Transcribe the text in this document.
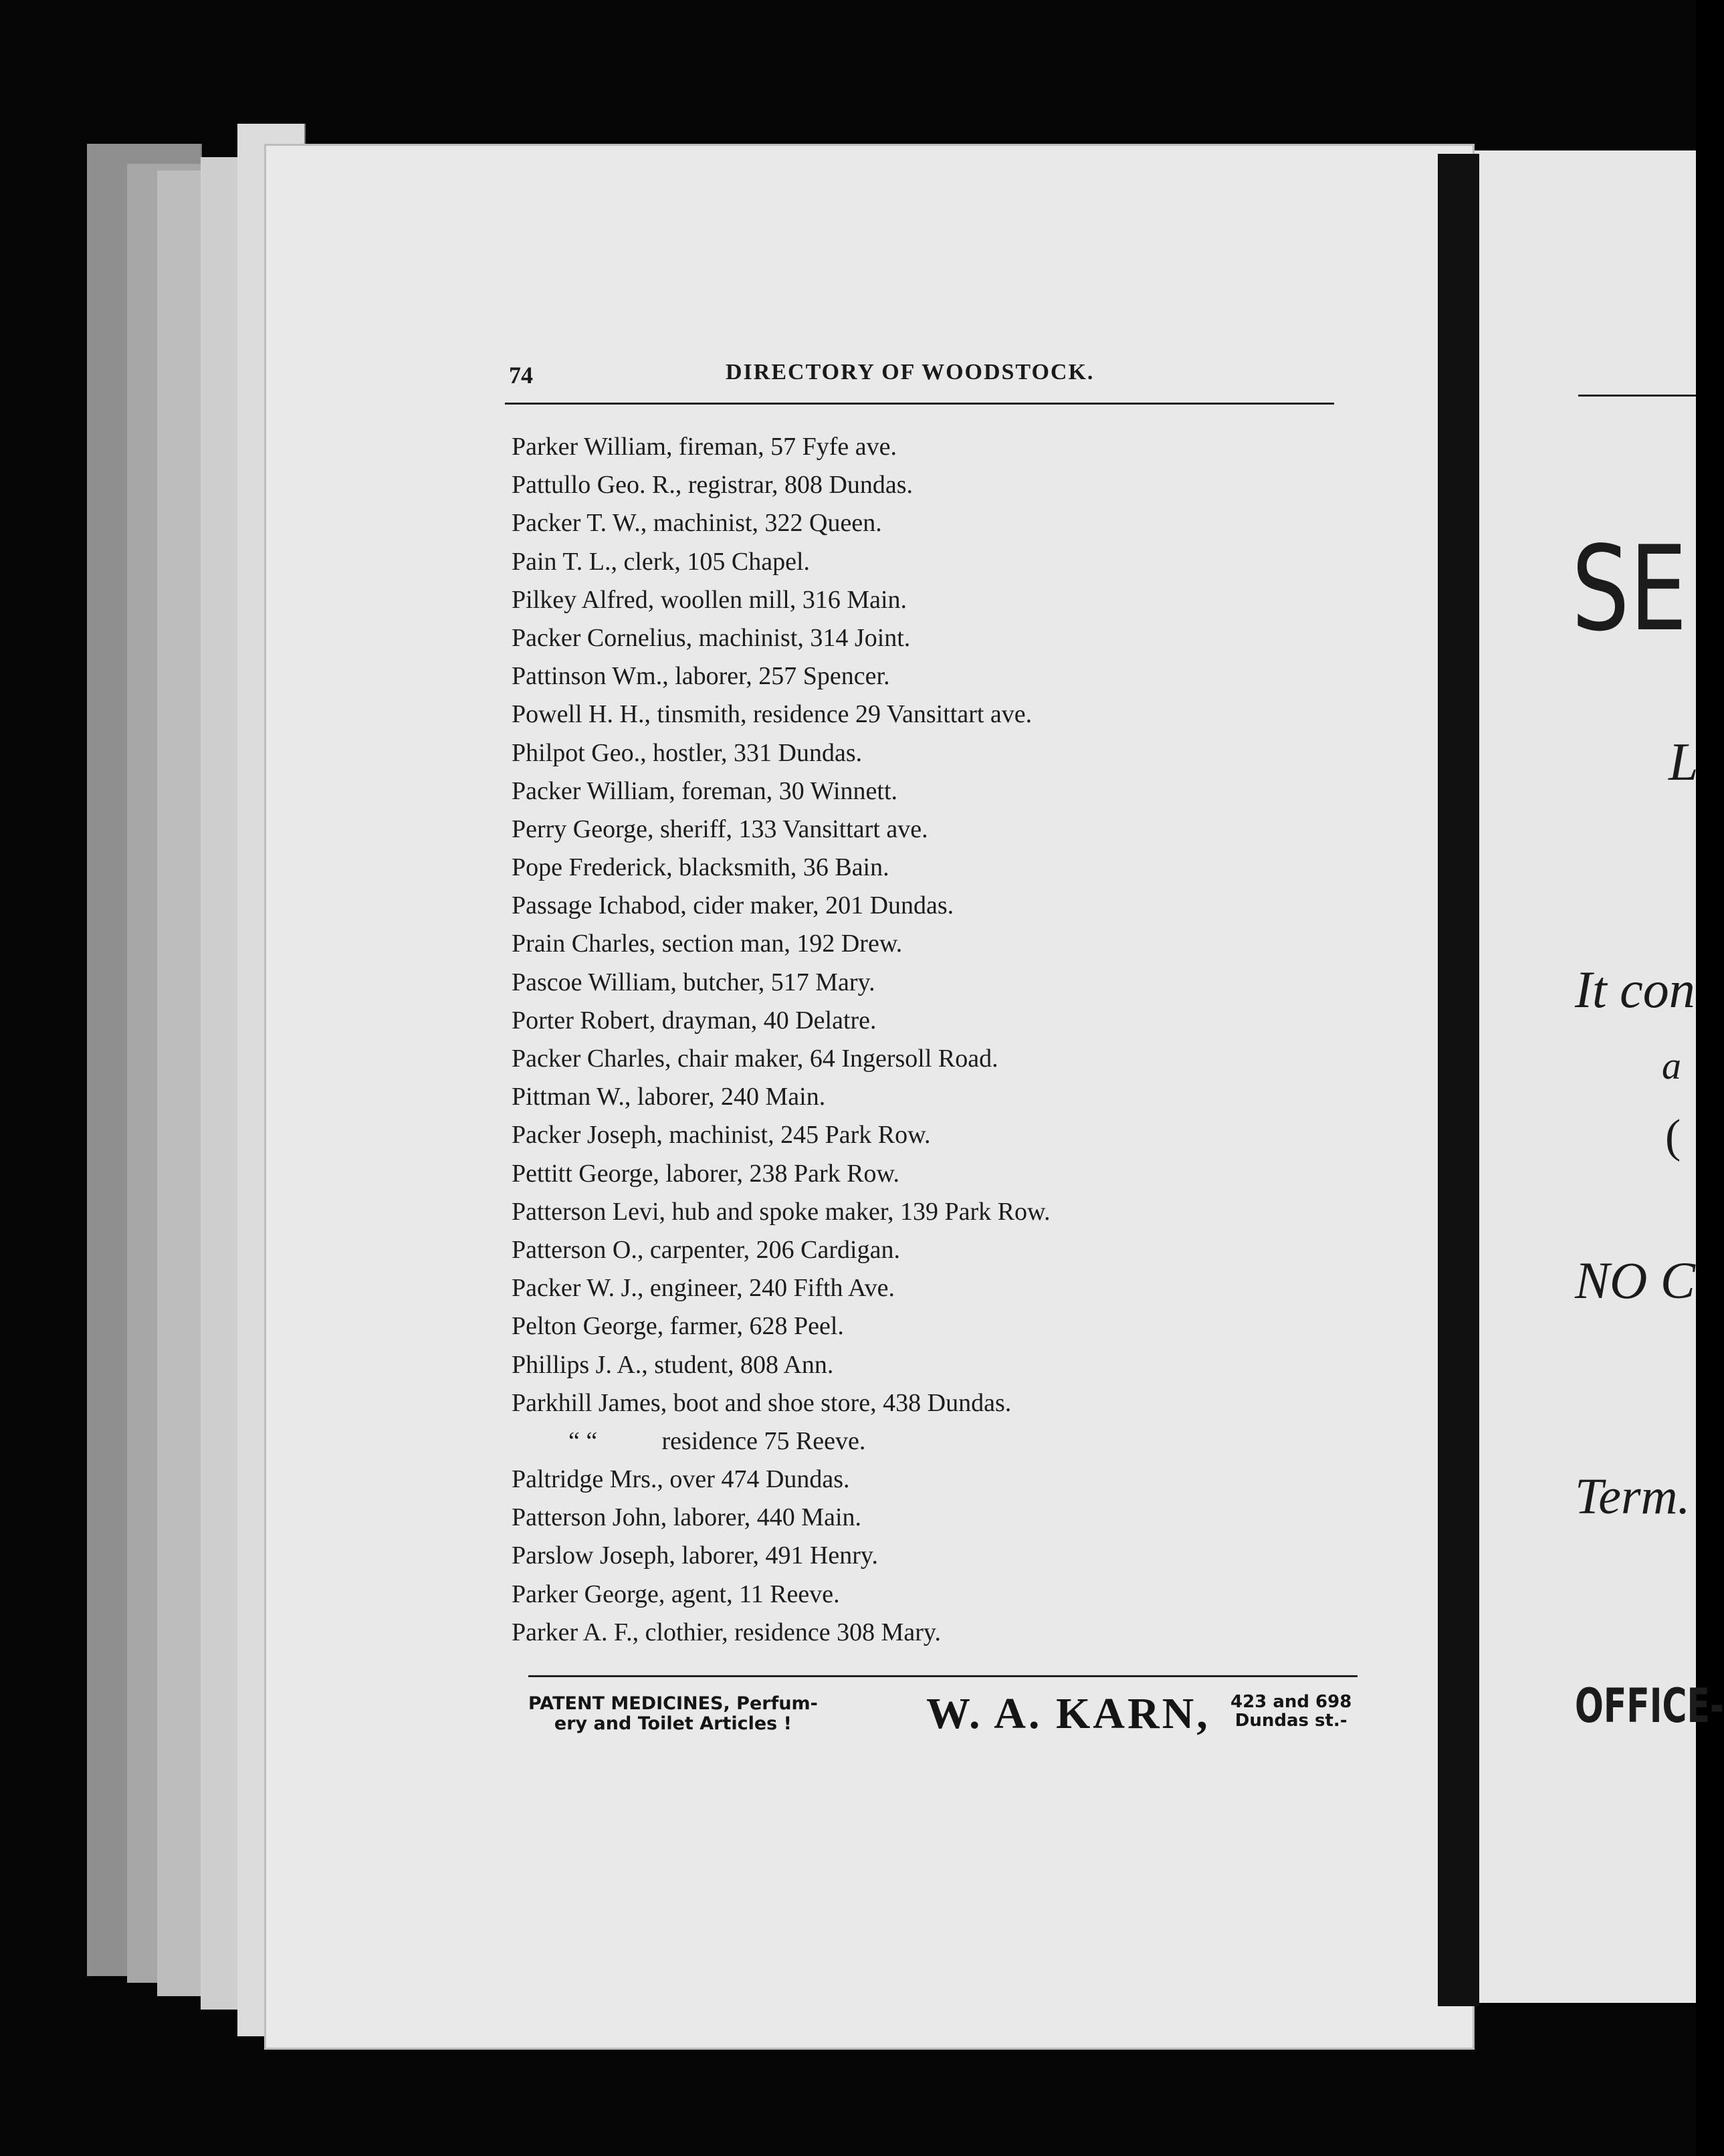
74	DIRECTORY OF WOODSTOCK.
Parker William, fireman, 57 Fyfe ave.
Pattullo Geo. R., registrar, 808 Dundas.
Packer T. W., machinist, 322 Queen.
Pain T. L., clerk, 105 Chapel.
Pilkey Alfred, woollen mill, 316 Main.
Packer Cornelius, machinist, 314 Joint.
Pattinson Wm., laborer, 257 Spencer.
Powell H. H., tinsmith, residence 29 Vansittart ave.
Philpot Geo., hostler, 331 Dundas.
Packer William, foreman, 30 Winnett.
Perry George, sheriff, 133 Vansittart ave.
Pope Frederick, blacksmith, 36 Bain.
Passage Ichabod, cider maker, 201 Dundas.
Prain Charles, section man, 192 Drew.
Pascoe William, butcher, 517 Mary.
Porter Robert, drayman, 40 Delatre.
Packer Charles, chair maker, 64 Ingersoll Road.
Pittman W., laborer, 240 Main.
Packer Joseph, machinist, 245 Park Row.
Pettitt George, laborer, 238 Park Row.
Patterson Levi, hub and spoke maker, 139 Park Row.
Patterson O., carpenter, 206 Cardigan.
Packer W. J., engineer, 240 Fifth Ave.
Pelton George, farmer, 628 Peel.
Phillips J. A., student, 808 Ann.
Parkhill James, boot and shoe store, 438 Dundas.
“ “	residence 75 Reeve.
Paltridge Mrs., over 474 Dundas.
Patterson John, laborer, 440 Main.
Parslow Joseph, laborer, 491 Henry.
Parker George, agent, 11 Reeve.
Parker A. F., clothier, residence 308 Mary.
PATENT MEDICINES, Perfum-
ery and Toilet Articles !	W. A. KARN, 423 and 698
Dundas st.-
SE
L
It con
a
(
NO C
Term.
OFFICE-
